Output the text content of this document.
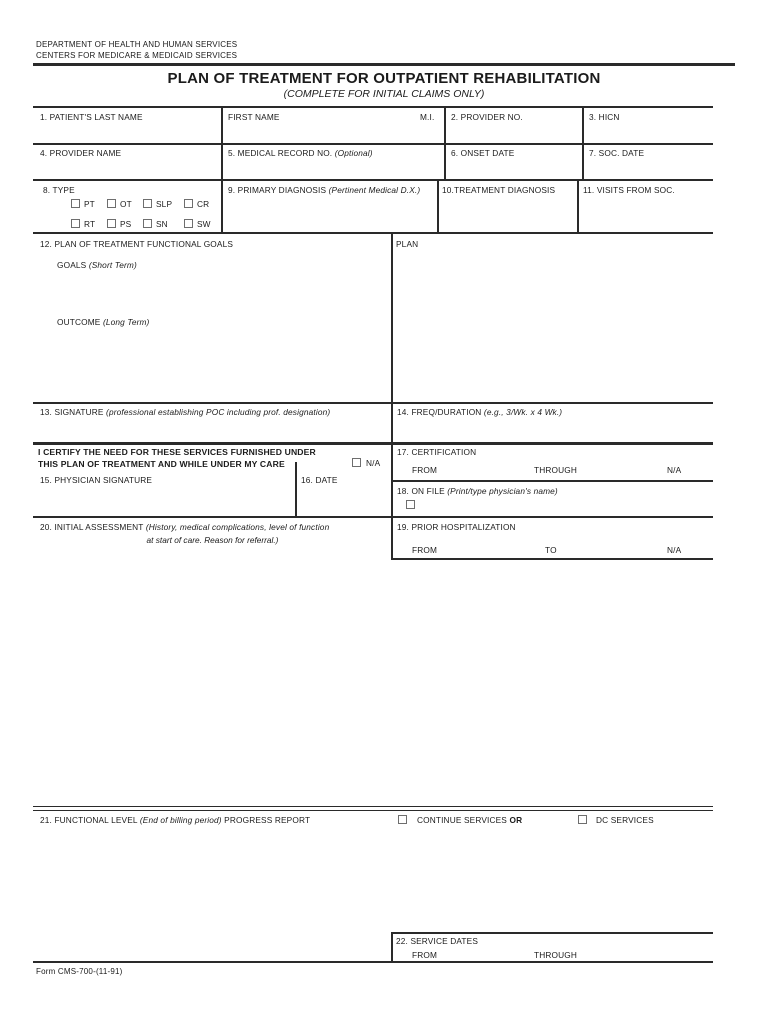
DEPARTMENT OF HEALTH AND HUMAN SERVICES
CENTERS FOR MEDICARE & MEDICAID SERVICES
PLAN OF TREATMENT FOR OUTPATIENT REHABILITATION
(COMPLETE FOR INITIAL CLAIMS ONLY)
1. PATIENT'S LAST NAME	FIRST NAME	M.I. 2. PROVIDER NO.	3. HICN
4. PROVIDER NAME	5. MEDICAL RECORD NO. (Optional)	6. ONSET DATE	7. SOC. DATE
8. TYPE
PT	OT	SLP	CR
RT	PS	SN	SW
9. PRIMARY DIAGNOSIS (Pertinent Medical D.X.)	10.TREATMENT DIAGNOSIS	11. VISITS FROM SOC.
12. PLAN OF TREATMENT FUNCTIONAL GOALS
GOALS (Short Term)
OUTCOME (Long Term)
PLAN
13. SIGNATURE (professional establishing POC including prof. designation)	14. FREQ/DURATION (e.g., 3/Wk. x 4 Wk.)
I CERTIFY THE NEED FOR THESE SERVICES FURNISHED UNDER
THIS PLAN OF TREATMENT AND WHILE UNDER MY CARE	N/A
15. PHYSICIAN SIGNATURE	16. DATE
17. CERTIFICATION
FROM	THROUGH	N/A
18. ON FILE (Print/type physician's name)
20. INITIAL ASSESSMENT (History, medical complications, level of function
at start of care. Reason for referral.)
19. PRIOR HOSPITALIZATION
FROM	TO	N/A
21. FUNCTIONAL LEVEL (End of billing period) PROGRESS REPORT	CONTINUE SERVICES OR	DC SERVICES
22. SERVICE DATES
FROM	THROUGH
Form CMS-700-(11-91)
